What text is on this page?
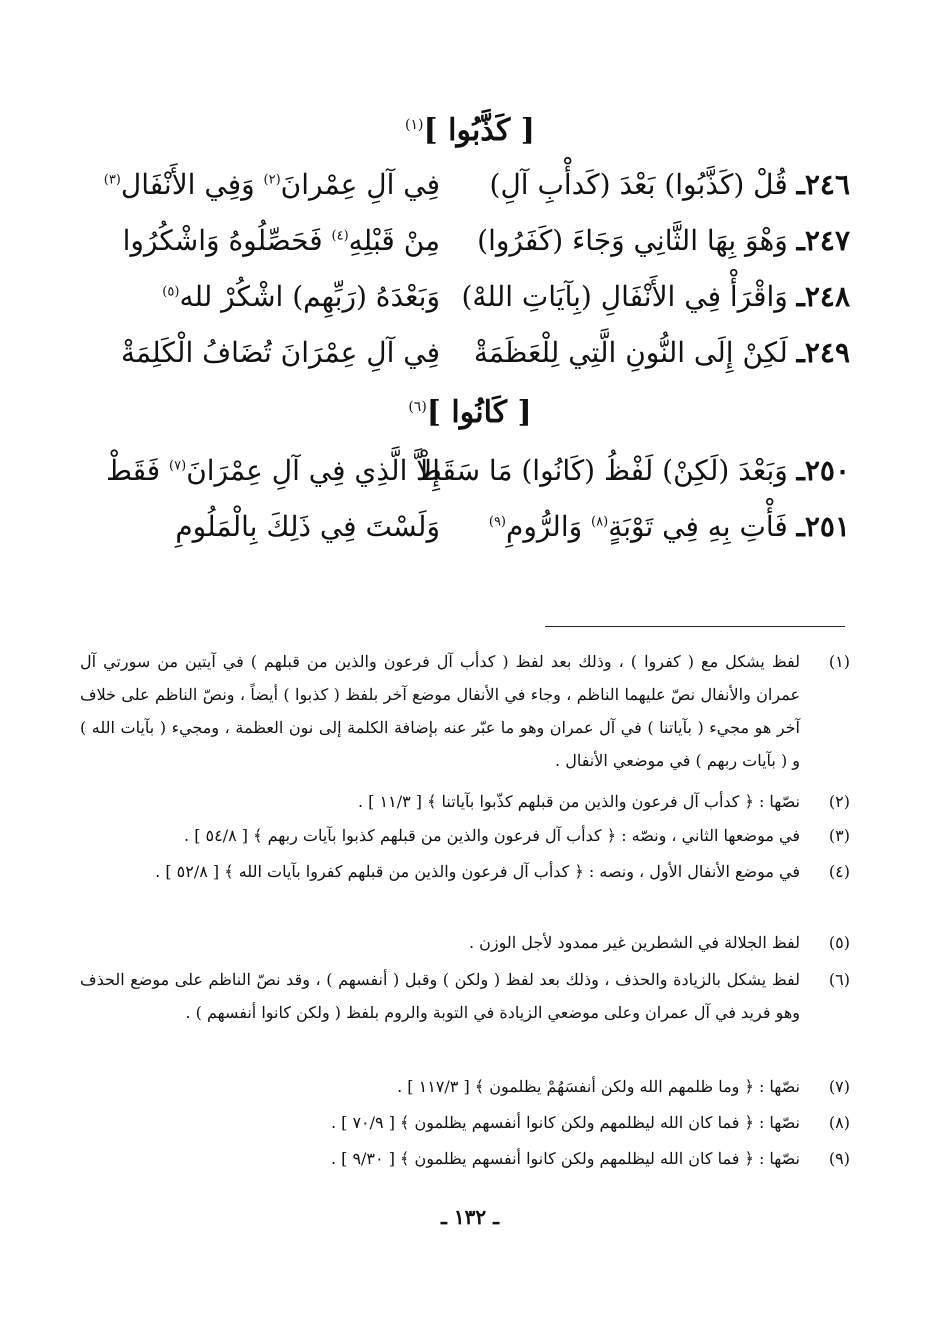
[ كَذَّبُوا ]$^{(١)}$
٢٤٦ـ قُلْ (كَذَّبُوا) بَعْدَ (كَدأْبِ آلِ)
فِي آلِ عِمْرانَ$^{(٢)}$ وَفِي الأَنْفَال$^{(٣)}$
٢٤٧ـ وَهْوَ بِهَا الثَّانِي وَجَاءَ (كَفَرُوا)
مِنْ قَبْلِهِ$^{(٤)}$ فَحَصِّلُوهُ وَاشْكُرُوا
٢٤٨ـ وَاقْرَأْ فِي الأَنْفَالِ (بِآيَاتِ اللهْ)
وَبَعْدَهُ (رَبِّهِم) اشْكُرْ لله$^{(٥)}$
٢٤٩ـ لَكِنْ إِلَى النُّونِ الَّتِي لِلْعَظَمَةْ
فِي آلِ عِمْرَانَ تُضَافُ الْكَلِمَةْ
[ كَانُوا ]$^{(٦)}$
٢٥٠ـ وَبَعْدَ (لَكِنْ) لَفْظُ (كَانُوا) مَا سَقَطْ
إِلاَّ الَّذِي فِي آلِ عِمْرَانَ$^{(٧)}$ فَقَطْ
٢٥١ـ فَأْتِ بِهِ فِي تَوْبَةٍ$^{(٨)}$ وَالرُّومِ$^{(٩)}$
وَلَسْتَ فِي ذَلِكَ بِالْمَلُومِ
(١)
لفظ يشكل مع ( كفروا ) ، وذلك بعد لفظ ( كدأب آل فرعون والذين من قبلهم ) في آيتين من سورتي آل عمران والأنفال نصّ عليهما الناظم ، وجاء في الأنفال موضع آخر بلفظ ( كذبوا ) أيضاً ، ونصّ الناظم على خلاف آخر هو مجيء ( بآياتنا ) في آل عمران وهو ما عبّر عنه بإضافة الكلمة إلى نون العظمة ، ومجيء ( بآيات الله ) و ( بآيات ربهم ) في موضعي الأنفال .
(٢)
نصّها : ﴿ كدأب آل فرعون والذين من قبلهم كذّبوا بآياتنا ﴾ [ ١١/٣ ] .
(٣)
في موضعها الثاني ، ونصّه : ﴿ كدأب آل فرعون والذين من قبلهم كذبوا بآيات ربهم ﴾ [ ٥٤/٨ ] .
(٤)
في موضع الأنفال الأول ، ونصه : ﴿ كدأب آل فرعون والذين من قبلهم كفروا بآيات الله ﴾ [ ٥٢/٨ ] .
(٥)
لفظ الجلالة في الشطرين غير ممدود لأجل الوزن .
(٦)
لفظ يشكل بالزيادة والحذف ، وذلك بعد لفظ ( ولكن ) وقبل ( أنفسهم ) ، وقد نصّ الناظم على موضع الحذف وهو فريد في آل عمران وعلى موضعي الزيادة في التوبة والروم بلفظ ( ولكن كانوا أنفسهم ) .
(٧)
نصّها : ﴿ وما ظلمهم الله ولكن أنفسَهُمْ يظلمون ﴾ [ ١١٧/٣ ] .
(٨)
نصّها : ﴿ فما كان الله ليظلمهم ولكن كانوا أنفسهم يظلمون ﴾ [ ٧٠/٩ ] .
(٩)
نصّها : ﴿ فما كان الله ليظلمهم ولكن كانوا أنفسهم يظلمون ﴾ [ ٩/٣٠ ] .
ـ ١٣٢ ـ
